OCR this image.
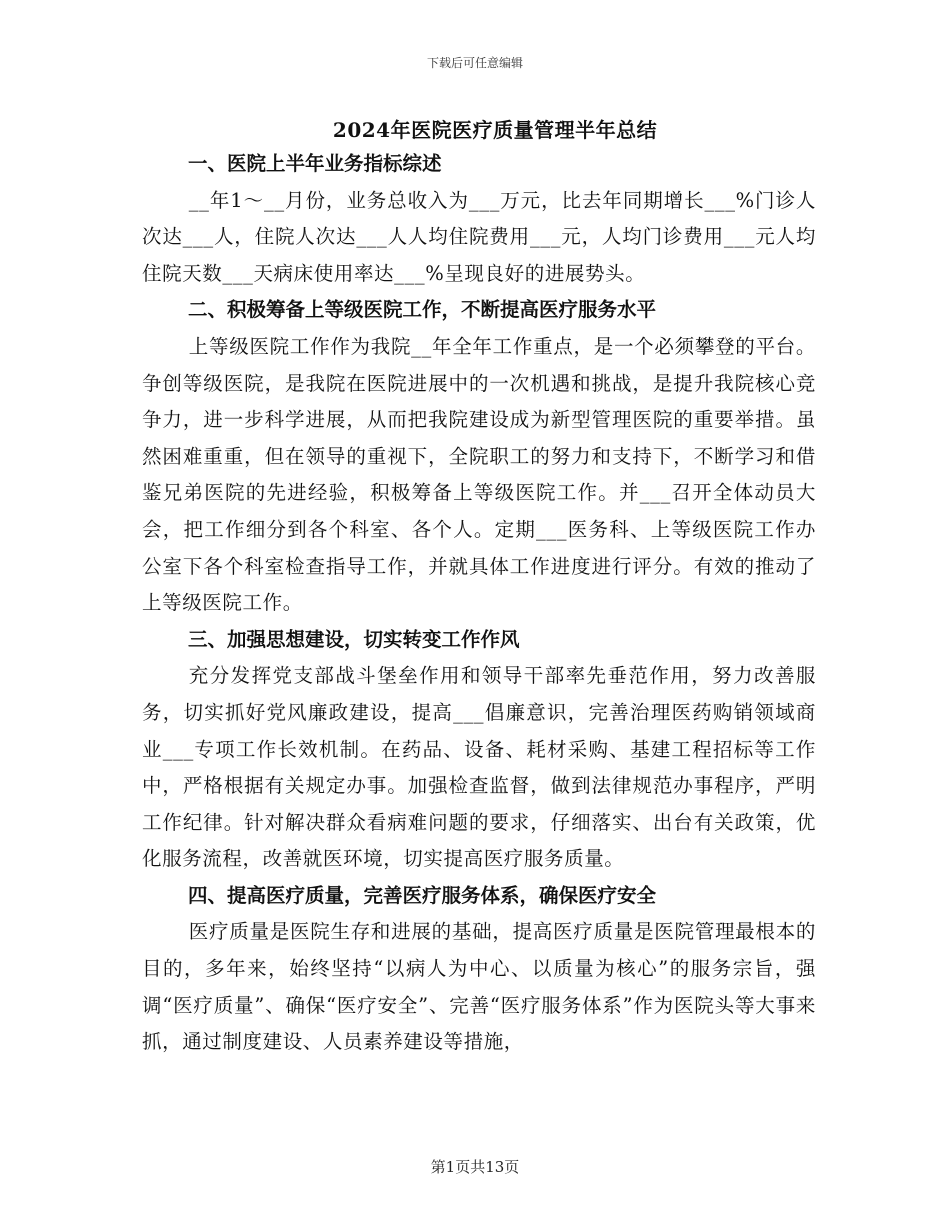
下载后可任意编辑
2024年医院医疗质量管理半年总结

一、医院上半年业务指标综述

__年1～__月份，业务总收入为___万元，比去年同期增长___%门诊人次达___人，住院人次达___人人均住院费用___元，人均门诊费用___元人均住院天数___天病床使用率达___%呈现良好的进展势头。

二、积极筹备上等级医院工作，不断提高医疗服务水平

上等级医院工作作为我院__年全年工作重点，是一个必须攀登的平台。争创等级医院，是我院在医院进展中的一次机遇和挑战，是提升我院核心竞争力，进一步科学进展，从而把我院建设成为新型管理医院的重要举措。虽然困难重重，但在领导的重视下，全院职工的努力和支持下，不断学习和借鉴兄弟医院的先进经验，积极筹备上等级医院工作。并___召开全体动员大会，把工作细分到各个科室、各个人。定期___医务科、上等级医院工作办公室下各个科室检查指导工作，并就具体工作进度进行评分。有效的推动了上等级医院工作。

三、加强思想建设，切实转变工作作风

充分发挥党支部战斗堡垒作用和领导干部率先垂范作用，努力改善服务，切实抓好党风廉政建设，提高___倡廉意识，完善治理医药购销领域商业___专项工作长效机制。在药品、设备、耗材采购、基建工程招标等工作中，严格根据有关规定办事。加强检查监督，做到法律规范办事程序，严明工作纪律。针对解决群众看病难问题的要求，仔细落实、出台有关政策，优化服务流程，改善就医环境，切实提高医疗服务质量。

四、提高医疗质量，完善医疗服务体系，确保医疗安全

医疗质量是医院生存和进展的基础，提高医疗质量是医院管理最根本的目的，多年来，始终坚持“以病人为中心、以质量为核心”的服务宗旨，强调“医疗质量”、确保“医疗安全”、完善“医疗服务体系”作为医院头等大事来抓，通过制度建设、人员素养建设等措施，

第1页共13页
